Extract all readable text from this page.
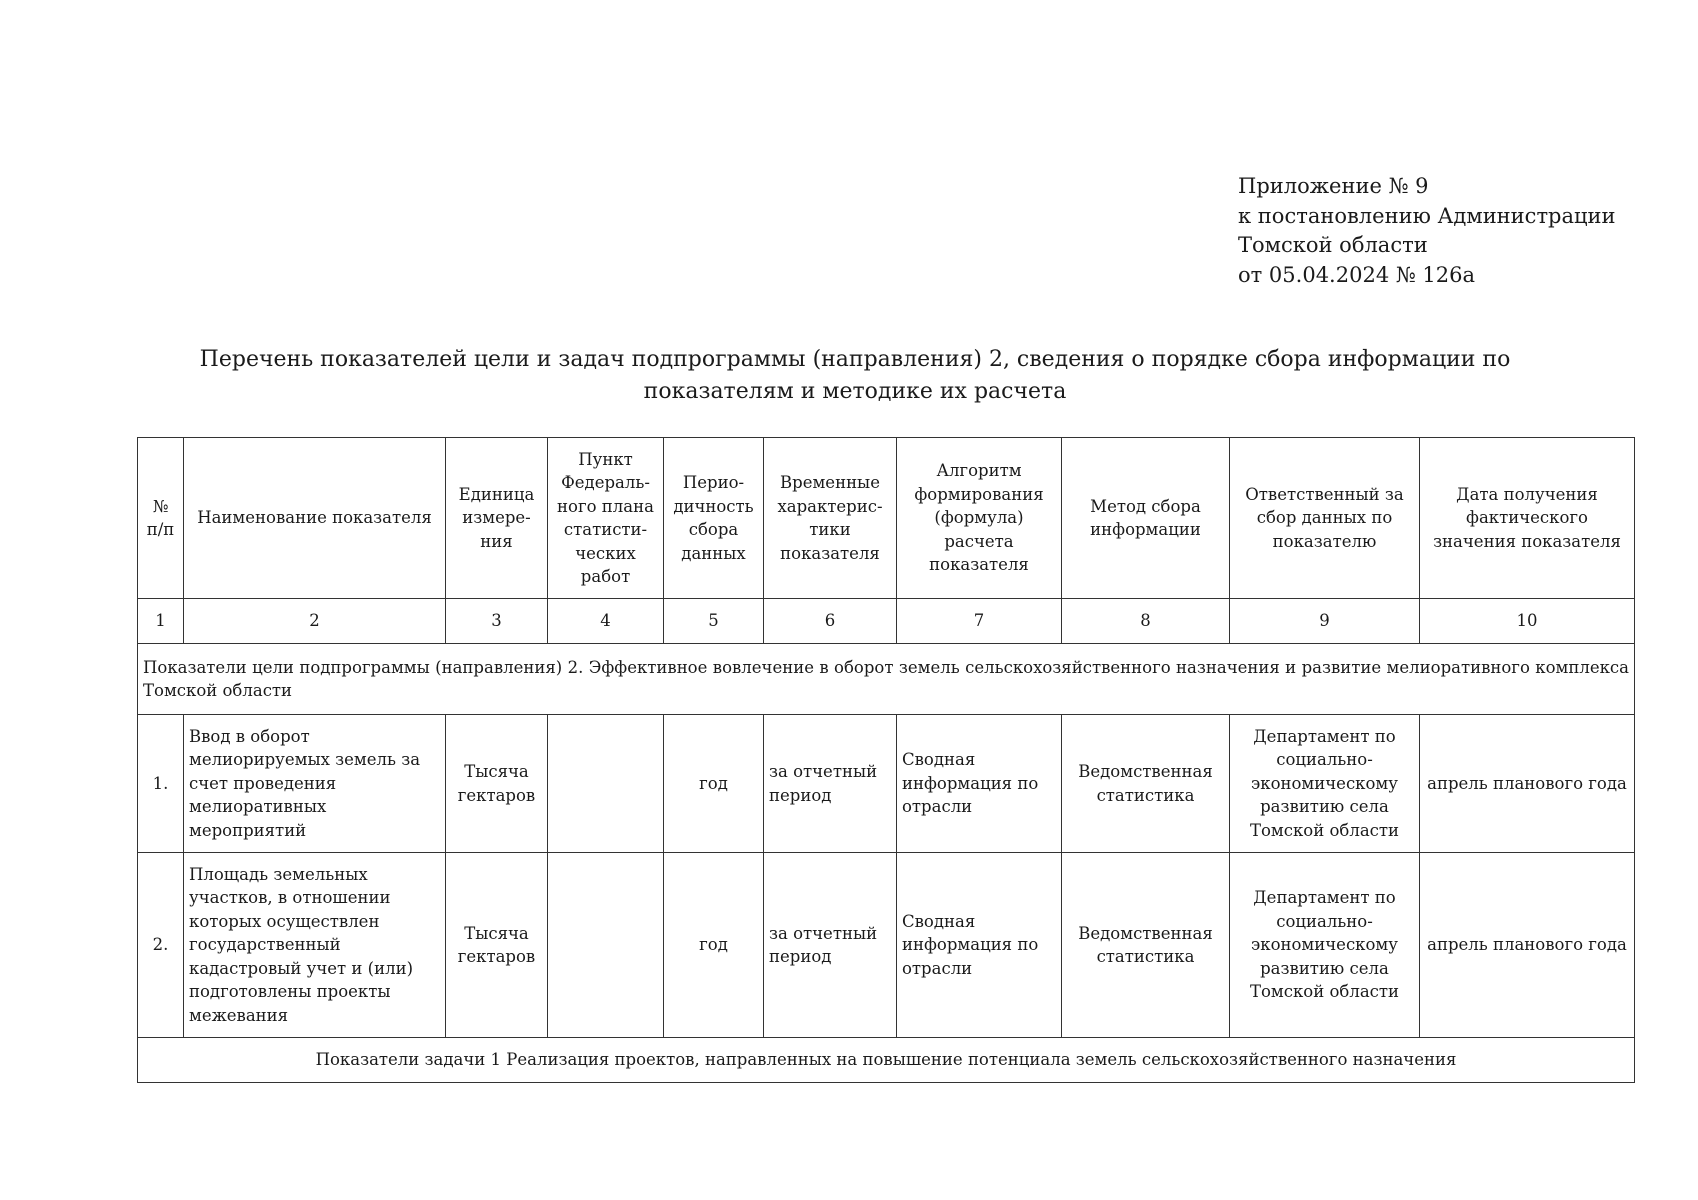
Приложение № 9
к постановлению Администрации
Томской области
от 05.04.2024 № 126а
Перечень показателей цели и задач подпрограммы (направления) 2, сведения о порядке сбора информации по показателям и методике их расчета
№ п/п	Наименование показателя	Единица измере-ния	Пункт Федераль-ного плана статисти-ческих работ	Перио-дичность сбора данных	Временные характерис-тики показателя	Алгоритм формирования (формула) расчета показателя	Метод сбора информации	Ответственный за сбор данных по показателю	Дата получения фактического значения показателя
1	2	3	4	5	6	7	8	9	10
Показатели цели подпрограммы (направления) 2. Эффективное вовлечение в оборот земель сельскохозяйственного назначения и развитие мелиоративного комплекса Томской области									
1.	Ввод в оборот мелиорируемых земель за счет проведения мелиоративных мероприятий	Тысяча гектаров		год	за отчетный период	Сводная информация по отрасли	Ведомственная статистика	Департамент по социально-экономическому развитию села Томской области	апрель планового года
2.	Площадь земельных участков, в отношении которых осуществлен государственный кадастровый учет и (или) подготовлены проекты межевания	Тысяча гектаров		год	за отчетный период	Сводная информация по отрасли	Ведомственная статистика	Департамент по социально-экономическому развитию села Томской области	апрель планового года
Показатели задачи 1 Реализация проектов, направленных на повышение потенциала земель сельскохозяйственного назначения									
